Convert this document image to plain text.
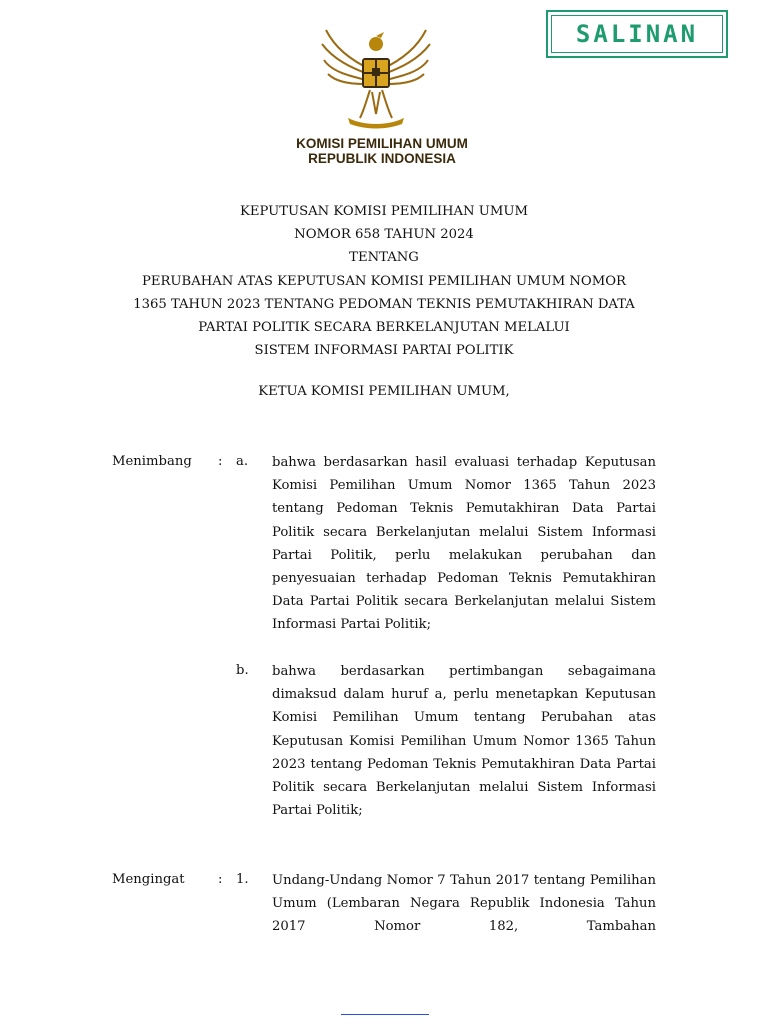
SALINAN
KOMISI PEMILIHAN UMUM
REPUBLIK INDONESIA
KEPUTUSAN KOMISI PEMILIHAN UMUM
NOMOR 658 TAHUN 2024
TENTANG
PERUBAHAN ATAS KEPUTUSAN KOMISI PEMILIHAN UMUM NOMOR
1365 TAHUN 2023 TENTANG PEDOMAN TEKNIS PEMUTAKHIRAN DATA
PARTAI POLITIK SECARA BERKELANJUTAN MELALUI
SISTEM INFORMASI PARTAI POLITIK
KETUA KOMISI PEMILIHAN UMUM,
Menimbang : a. bahwa berdasarkan hasil evaluasi terhadap Keputusan Komisi Pemilihan Umum Nomor 1365 Tahun 2023 tentang Pedoman Teknis Pemutakhiran Data Partai Politik secara Berkelanjutan melalui Sistem Informasi Partai Politik, perlu melakukan perubahan dan penyesuaian terhadap Pedoman Teknis Pemutakhiran Data Partai Politik secara Berkelanjutan melalui Sistem Informasi Partai Politik;
b. bahwa berdasarkan pertimbangan sebagaimana dimaksud dalam huruf a, perlu menetapkan Keputusan Komisi Pemilihan Umum tentang Perubahan atas Keputusan Komisi Pemilihan Umum Nomor 1365 Tahun 2023 tentang Pedoman Teknis Pemutakhiran Data Partai Politik secara Berkelanjutan melalui Sistem Informasi Partai Politik;
Mengingat	: 1. Undang-Undang Nomor 7 Tahun 2017 tentang Pemilihan Umum (Lembaran Negara Republik Indonesia Tahun 2017 Nomor 182, Tambahan
